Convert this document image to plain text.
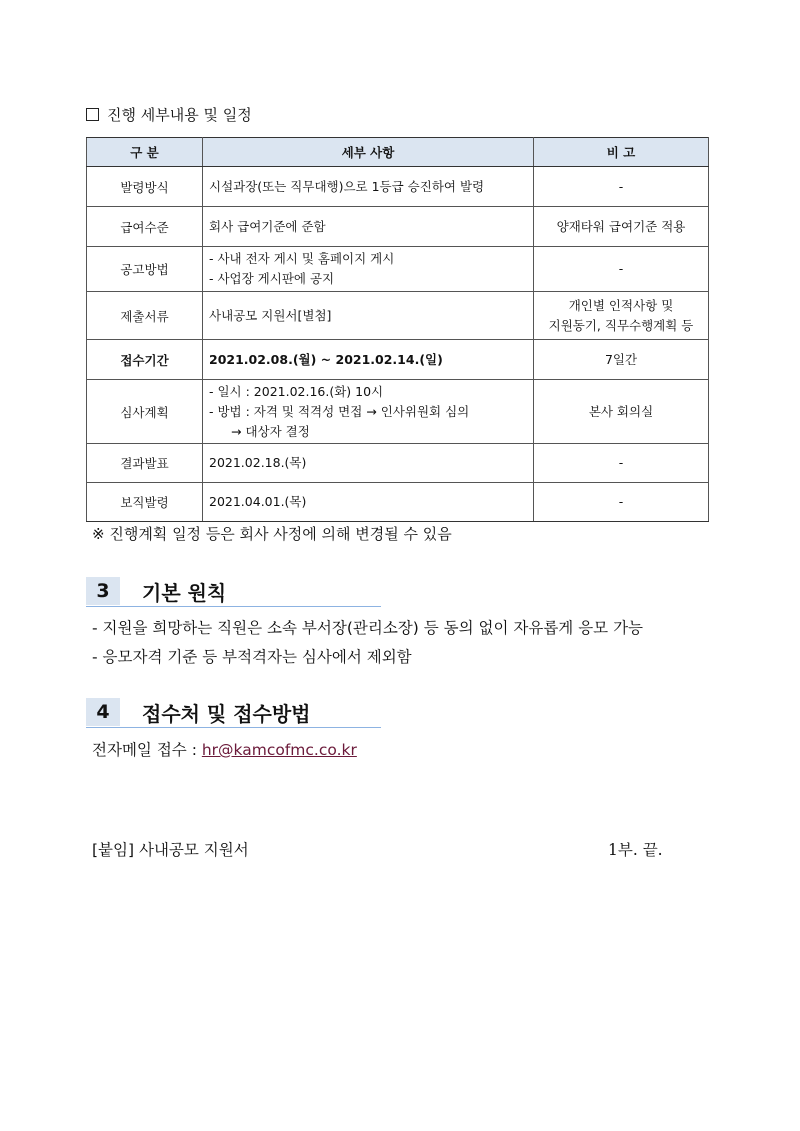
진행 세부내용 및 일정
구 분	세부 사항	비 고
발령방식	시설과장(또는 직무대행)으로 1등급 승진하여 발령	-

급여수준	회사 급여기준에 준함	양재타워 급여기준 적용

공고방법	- 사내 전자 게시 및 홈페이지 게시
- 사업장 게시판에 공지	-

제출서류	사내공모 지원서[별첨]	개인별 인적사항 및
지원동기, 직무수행계획 등

접수기간	2021.02.08.(월) ~ 2021.02.14.(일)	7일간

심사계획	- 일시 : 2021.02.16.(화) 10시
- 방법 : 자격 및 적격성 면접 → 인사위원회 심의
→ 대상자 결정	본사 회의실

결과발표	2021.02.18.(목)	-

보직발령	2021.04.01.(목)	-
※ 진행계획 일정 등은 회사 사정에 의해 변경될 수 있음
3	기본 원칙
- 지원을 희망하는 직원은 소속 부서장(관리소장) 등 동의 없이 자유롭게 응모 가능
- 응모자격 기준 등 부적격자는 심사에서 제외함
4	접수처 및 접수방법
전자메일 접수 : hr@kamcofmc.co.kr
[붙임] 사내공모 지원서	1부. 끝.
